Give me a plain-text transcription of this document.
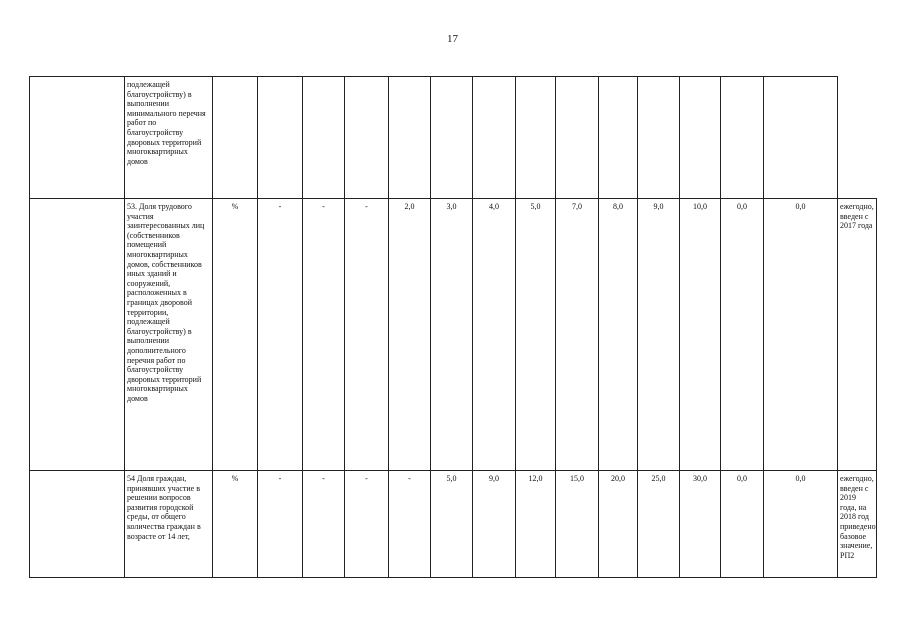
17
	подлежащей благоустройству) в выполнении минимального перечня работ по благоустройству дворовых территорий многоквартирных домов															
	53. Доля трудового участия заинтересованных лиц (собственников помещений многоквартирных домов, собственников иных зданий и сооружений, расположенных в границах дворовой территории, подлежащей благоустройству) в выполнении дополнительного перечня работ по благоустройству дворовых территорий многоквартирных домов	%	-	-	-	2,0	3,0	4,0	5,0	7,0	8,0	9,0	10,0	0,0	0,0	ежегодно, введен с 2017 года
	54 Доля граждан, принявших участие в решении вопросов развития городской среды, от общего количества граждан в возрасте от 14 лет,	%	-	-	-	-	5,0	9,0	12,0	15,0	20,0	25,0	30,0	0,0	0,0	ежегодно, введен с 2019 года, на 2018 год приведено базовое значение, РП2
